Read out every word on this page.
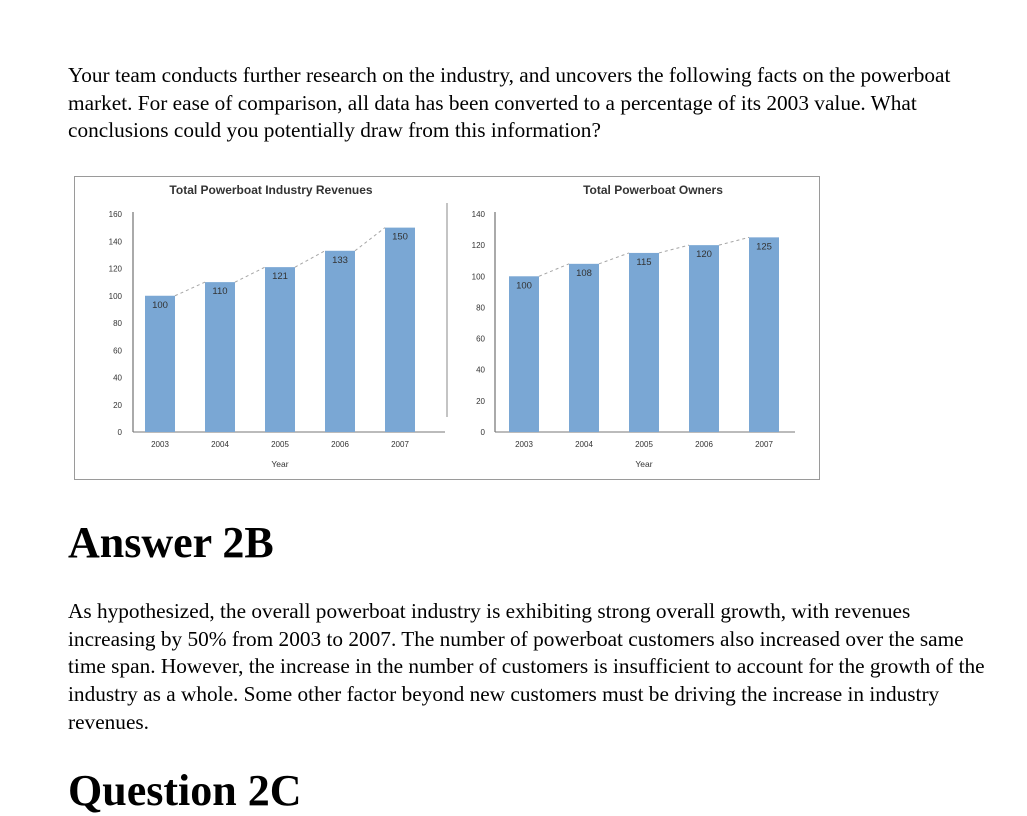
Your team conducts further research on the industry, and uncovers the following facts on the powerboat market. For ease of comparison, all data has been converted to a percentage of its 2003 value. What conclusions could you potentially draw from this information?

Total Powerboat Industry Revenues
0
20
40
60
80
100
120
140
160
100
2003
110
2004
121
2005
133
2006
150
2007
Year
Total Powerboat Owners
0
20
40
60
80
100
120
140
100
2003
108
2004
115
2005
120
2006
125
2007
Year
Answer 2B

As hypothesized, the overall powerboat industry is exhibiting strong overall growth, with revenues increasing by 50% from 2003 to 2007. The number of powerboat customers also increased over the same time span. However, the increase in the number of customers is insufficient to account for the growth of the industry as a whole. Some other factor beyond new customers must be driving the increase in industry revenues.

Question 2C
